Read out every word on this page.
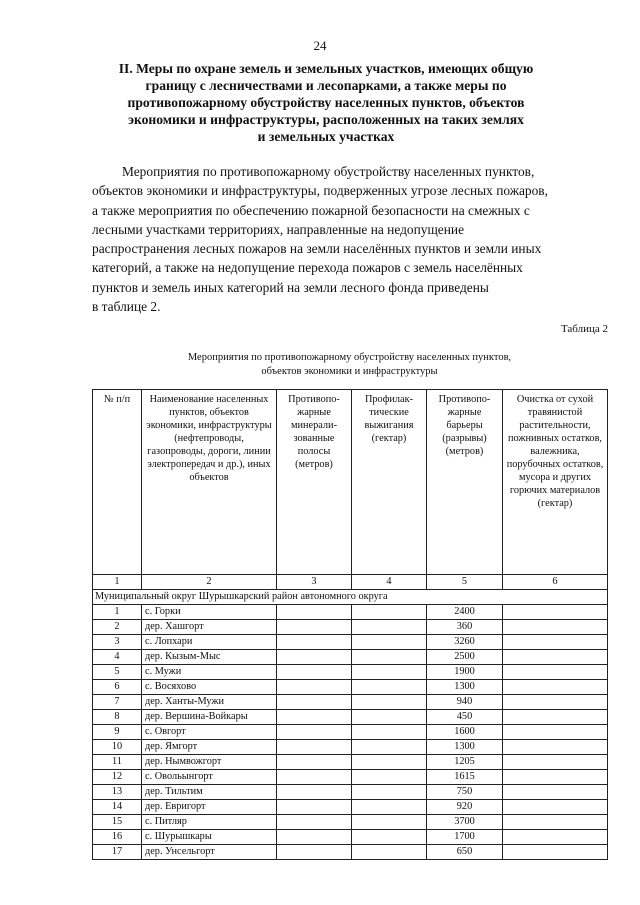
24
II. Меры по охране земель и земельных участков, имеющих общую
границу с лесничествами и лесопарками, а также меры по
противопожарному обустройству населенных пунктов, объектов
экономики и инфраструктуры, расположенных на таких землях
и земельных участках
Мероприятия по противопожарному обустройству населенных пунктов,
объектов экономики и инфраструктуры, подверженных угрозе лесных пожаров,
а также мероприятия по обеспечению пожарной безопасности на смежных с
лесными участками территориях, направленные на недопущение
распространения лесных пожаров на земли населённых пунктов и земли иных
категорий, а также на недопущение перехода пожаров с земель населённых
пунктов и земель иных категорий на земли лесного фонда приведены
в таблице 2.
Таблица 2
Мероприятия по противопожарному обустройству населенных пунктов,
объектов экономики и инфраструктуры
№ п/п	Наименование населенных пунктов, объектов экономики, инфраструктуры (нефтепроводы, газопроводы, дороги, линии электропередач и др.), иных объектов	Противопо-жарные минерали-зованные полосы (метров)	Профилак-тические выжигания (гектар)	Противопо-жарные барьеры (разрывы) (метров)	Очистка от сухой травянистой растительности, пожнивных остатков, валежника, порубочных остатков, мусора и других горючих материалов (гектар)
1	2	3	4	5	6
Муниципальный округ Шурышкарский район автономного округа					
1	с. Горки			2400	
2	дер. Хашгорт			360	
3	с. Лопхари			3260	
4	дер. Кызым-Мыс			2500	
5	с. Мужи			1900	
6	с. Восяхово			1300	
7	дер. Ханты-Мужи			940	
8	дер. Вершина-Войкары			450	
9	с. Овгорт			1600	
10	дер. Ямгорт			1300	
11	дер. Нымвожгорт			1205	
12	с. Овольынгорт			1615	
13	дер. Тильтим			750	
14	дер. Евригорт			920	
15	с. Питляр			3700	
16	с. Шурышкары			1700	
17	дер. Унсельгорт			650	
